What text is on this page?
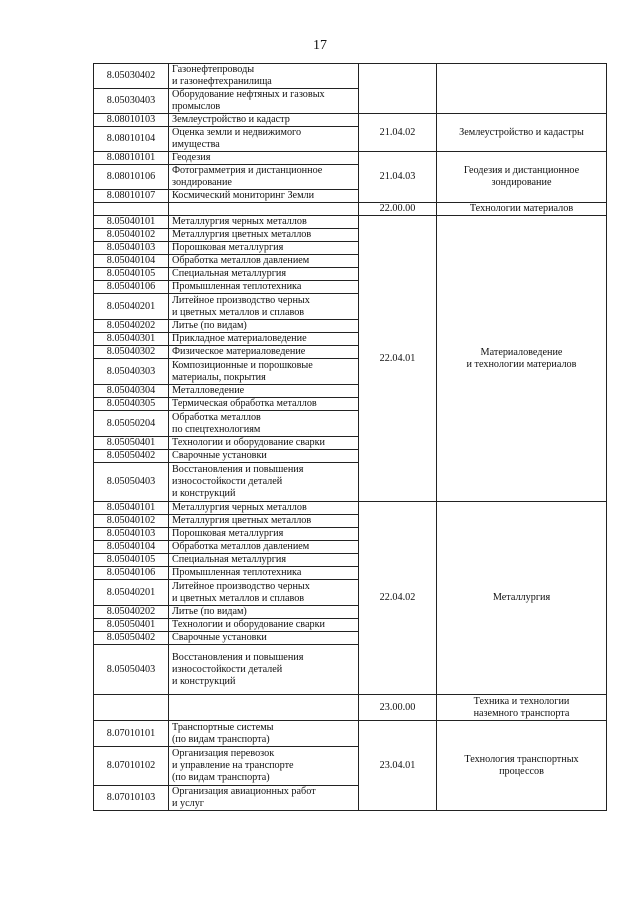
17
8.05030402	Газонефтепроводы
и газонефтехранилища		
8.05030403	Оборудование нефтяных и газовых
промыслов		
8.08010103	Землеустройство и кадастр	21.04.02	Землеустройство и кадастры
8.08010104	Оценка земли и недвижимого
имущества		
8.08010101	Геодезия	21.04.03	Геодезия и дистанционное зондирование
8.08010106	Фотограмметрия и дистанционное
зондирование		
8.08010107	Космический мониторинг Земли		
		22.00.00	Технологии материалов
8.05040101	Металлургия черных металлов	22.04.01	Материаловедение
и технологии материалов
8.05040102	Металлургия цветных металлов		
8.05040103	Порошковая металлургия		
8.05040104	Обработка металлов давлением		
8.05040105	Специальная металлургия		
8.05040106	Промышленная теплотехника		
8.05040201	Литейное производство черных
и цветных металлов и сплавов		
8.05040202	Литье (по видам)		
8.05040301	Прикладное материаловедение		
8.05040302	Физическое материаловедение		
8.05040303	Композиционные и порошковые
материалы, покрытия		
8.05040304	Металловедение		
8.05040305	Термическая обработка металлов		
8.05050204	Обработка металлов
по спецтехнологиям		
8.05050401	Технологии и оборудование сварки		
8.05050402	Сварочные установки		
8.05050403	Восстановления и повышения
износостойкости деталей
и конструкций		
8.05040101	Металлургия черных металлов	22.04.02	Металлургия
8.05040102	Металлургия цветных металлов		
8.05040103	Порошковая металлургия		
8.05040104	Обработка металлов давлением		
8.05040105	Специальная металлургия		
8.05040106	Промышленная теплотехника		
8.05040201	Литейное производство черных
и цветных металлов и сплавов		
8.05040202	Литье (по видам)		
8.05050401	Технологии и оборудование сварки		
8.05050402	Сварочные установки		
8.05050403	Восстановления и повышения
износостойкости деталей
и конструкций		
		23.00.00	Техника и технологии
наземного транспорта
8.07010101	Транспортные системы
(по видам транспорта)	23.04.01	Технология транспортных
процессов
8.07010102	Организация перевозок
и управление на транспорте
(по видам транспорта)		
8.07010103	Организация авиационных работ
и услуг		
